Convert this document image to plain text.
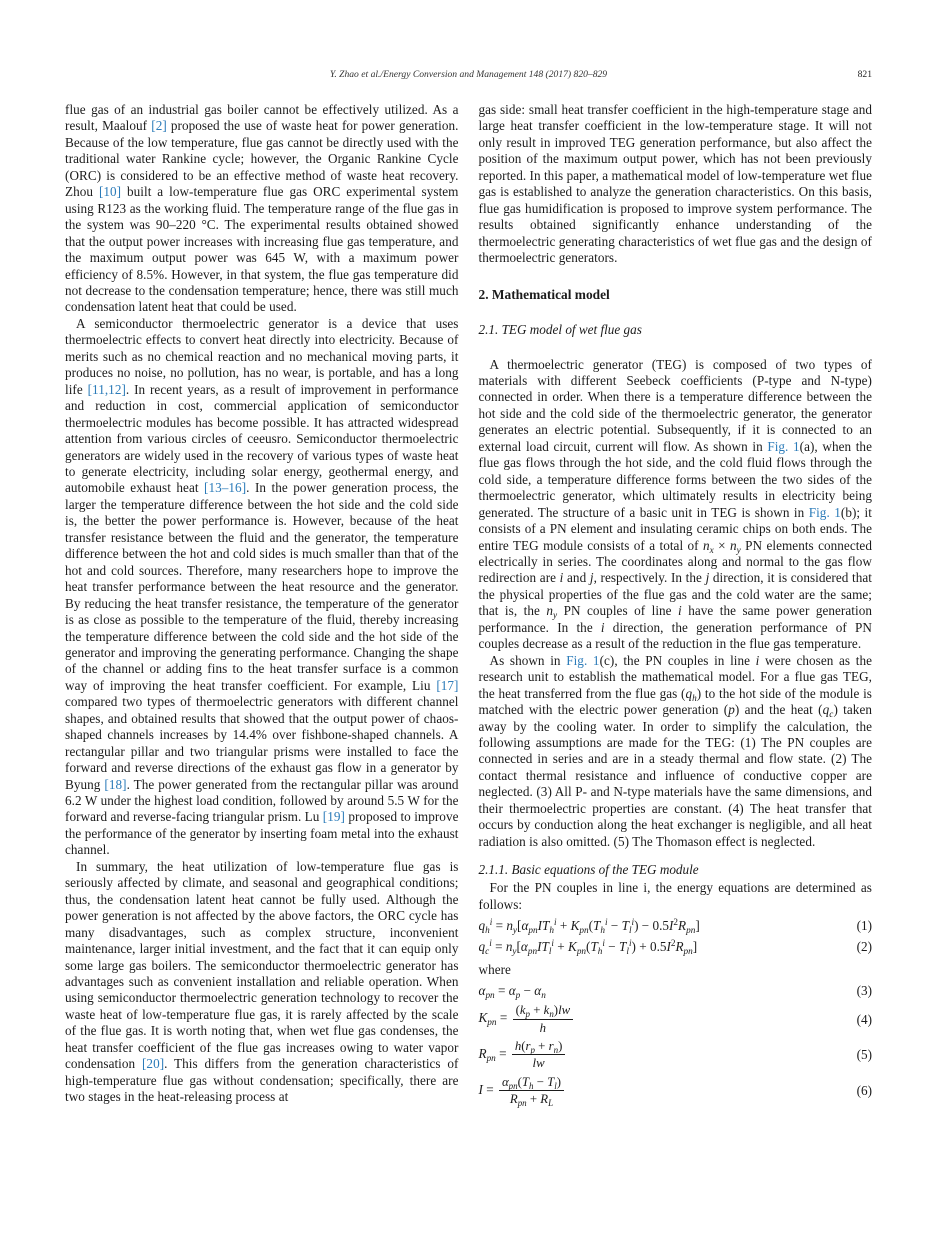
Y. Zhao et al./Energy Conversion and Management 148 (2017) 820–829	821

flue gas of an industrial gas boiler cannot be effectively utilized. As a result, Maalouf [2] proposed the use of waste heat for power generation. Because of the low temperature, flue gas cannot be directly used with the traditional water Rankine cycle; however, the Organic Rankine Cycle (ORC) is considered to be an effective method of waste heat recovery. Zhou [10] built a low-temperature flue gas ORC experimental system using R123 as the working fluid. The temperature range of the flue gas in the system was 90–220 °C. The experimental results obtained showed that the output power increases with increasing flue gas temperature, and the maximum output power was 645 W, with a maximum power efficiency of 8.5%. However, in that system, the flue gas temperature did not decrease to the condensation temperature; hence, there was still much condensation latent heat that could be used.

A semiconductor thermoelectric generator is a device that uses thermoelectric effects to convert heat directly into electricity. Because of merits such as no chemical reaction and no mechanical moving parts, it produces no noise, no pollution, has no wear, is portable, and has a long life [11,12]. In recent years, as a result of improvement in performance and reduction in cost, commercial application of semiconductor thermoelectric modules has become possible. It has attracted widespread attention from various circles of ceeusro. Semiconductor thermoelectric generators are widely used in the recovery of various types of waste heat to generate electricity, including solar energy, geothermal energy, and automobile exhaust heat [13–16]. In the power generation process, the larger the temperature difference between the hot side and the cold side is, the better the power performance is. However, because of the heat transfer resistance between the fluid and the generator, the temperature difference between the hot and cold sides is much smaller than that of the hot and cold sources. Therefore, many researchers hope to improve the heat transfer performance between the heat resource and the generator. By reducing the heat transfer resistance, the temperature of the generator is as close as possible to the temperature of the fluid, thereby increasing the temperature difference between the cold side and the hot side of the generator and improving the generating performance. Changing the shape of the channel or adding fins to the heat transfer surface is a common way of improving the heat transfer coefficient. For example, Liu [17] compared two types of thermoelectric generators with different channel shapes, and obtained results that showed that the output power of chaos-shaped channels increases by 14.4% over fishbone-shaped channels. A rectangular pillar and two triangular prisms were installed to face the forward and reverse directions of the exhaust gas flow in a generator by Byung [18]. The power generated from the rectangular pillar was around 6.2 W under the highest load condition, followed by around 5.5 W for the forward and reverse-facing triangular prism. Lu [19] proposed to improve the performance of the generator by inserting foam metal into the exhaust channel.

In summary, the heat utilization of low-temperature flue gas is seriously affected by climate, and seasonal and geographical conditions; thus, the condensation latent heat cannot be fully used. Although the power generation is not affected by the above factors, the ORC cycle has many disadvantages, such as complex structure, inconvenient maintenance, larger initial investment, and the fact that it can equip only some large gas boilers. The semiconductor thermoelectric generator has advantages such as convenient installation and reliable operation. When using semiconductor thermoelectric generation technology to recover the waste heat of low-temperature flue gas, it is rarely affected by the scale of the flue gas. It is worth noting that, when wet flue gas condenses, the heat transfer coefficient of the flue gas increases owing to water vapor condensation [20]. This differs from the generation characteristics of high-temperature flue gas without condensation; specifically, there are two stages in the heat-releasing process at

gas side: small heat transfer coefficient in the high-temperature stage and large heat transfer coefficient in the low-temperature stage. It will not only result in improved TEG generation performance, but also affect the position of the maximum output power, which has not been previously reported. In this paper, a mathematical model of low-temperature wet flue gas is established to analyze the generation characteristics. On this basis, flue gas humidification is proposed to improve system performance. The results obtained significantly enhance understanding of the thermoelectric generating characteristics of wet flue gas and the design of thermoelectric generators.

2. Mathematical model
2.1. TEG model of wet flue gas

A thermoelectric generator (TEG) is composed of two types of materials with different Seebeck coefficients (P-type and N-type) connected in order. When there is a temperature difference between the hot side and the cold side of the thermoelectric generator, the generator generates an electric potential. Subsequently, if it is connected to an external load circuit, current will flow. As shown in Fig. 1(a), when the flue gas flows through the hot side, and the cold fluid flows through the cold side, a temperature difference forms between the two sides of the thermoelectric generator, which ultimately results in electricity being generated. The structure of a basic unit in TEG is shown in Fig. 1(b); it consists of a PN element and insulating ceramic chips on both ends. The entire TEG module consists of a total of $n_x \times n_y$ PN elements connected electrically in series. The coordinates along and normal to the gas flow redirection are i and j, respectively. In the j direction, it is considered that the physical properties of the flue gas and the cold water are the same; that is, the $n_y$ PN couples of line i have the same power generation performance. In the i direction, the generation performance of PN couples decrease as a result of the reduction in the flue gas temperature.

As shown in Fig. 1(c), the PN couples in line i were chosen as the research unit to establish the mathematical model. For a flue gas TEG, the heat transferred from the flue gas $(q_h)$ to the hot side of the module is matched with the electric power generation (p) and the heat $(q_c)$ taken away by the cooling water. In order to simplify the calculation, the following assumptions are made for the TEG: (1) The PN couples are connected in series and are in a steady thermal and flow state. (2) The contact thermal resistance and influence of conductive copper are neglected. (3) All P- and N-type materials have the same dimensions, and their thermoelectric properties are constant. (4) The heat transfer that occurs by conduction along the heat exchanger is negligible, and all heat radiation is also omitted. (5) The Thomason effect is neglected.

2.1.1. Basic equations of the TEG module

For the PN couples in line i, the energy equations are determined as follows:

$q_h^i = n_y[\alpha_{pn}IT_h^i + K_{pn}(T_h^i - T_l^i) - 0.5I^2R_{pn}]$	(1)
$q_c^i = n_y[\alpha_{pn}IT_l^i + K_{pn}(T_h^i - T_l^i) + 0.5I^2R_{pn}]$	(2)

where

$\alpha_{pn} = \alpha_p - \alpha_n$	(3)
$K_{pn} = \frac{(k_p + k_n)lw}{h}$	(4)
$R_{pn} = \frac{h(r_p + r_n)}{lw}$	(5)
$I = \frac{\alpha_{pn}(T_h - T_l)}{R_{pn} + R_L}$	(6)
